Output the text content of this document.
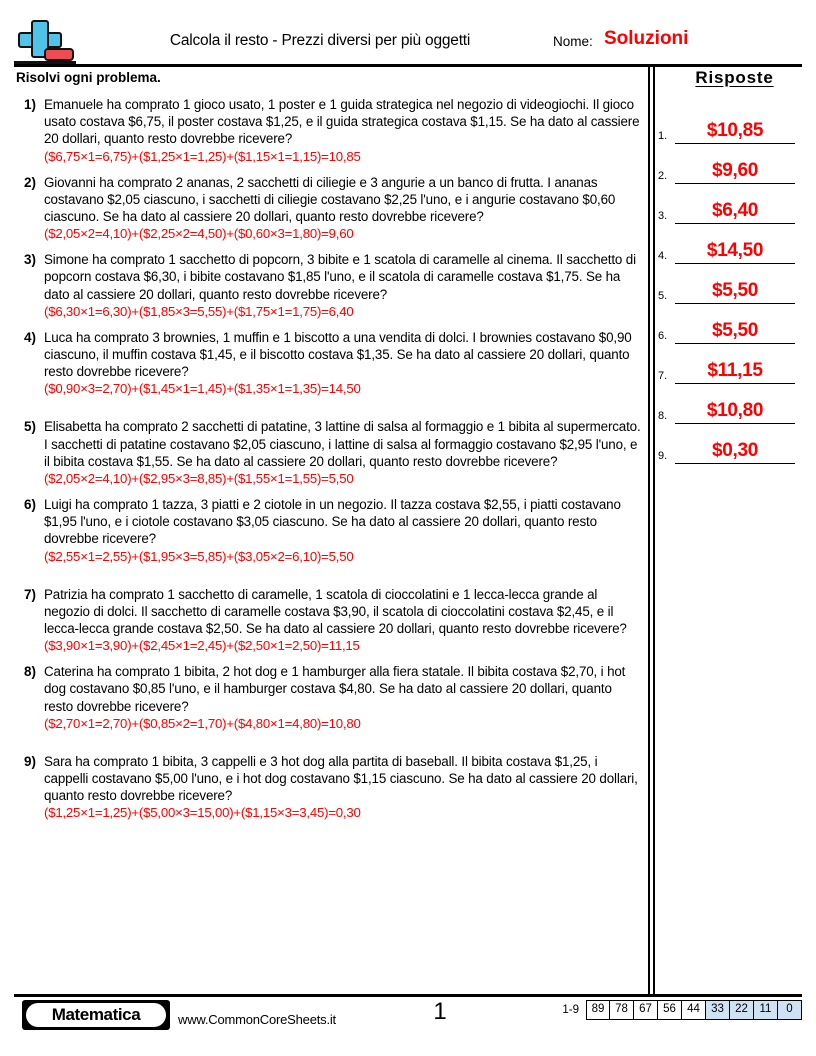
Calcola il resto - Prezzi diversi per più oggetti	Nome: Soluzioni
Risolvi ogni problema.
1) Emanuele ha comprato 1 gioco usato, 1 poster e 1 guida strategica nel negozio di videogiochi. Il gioco usato costava $6,75, il poster costava $1,25, e il guida strategica costava $1,15. Se ha dato al cassiere 20 dollari, quanto resto dovrebbe ricevere?
($6,75×1=6,75)+($1,25×1=1,25)+($1,15×1=1,15)=10,85
2) Giovanni ha comprato 2 ananas, 2 sacchetti di ciliegie e 3 angurie a un banco di frutta. I ananas costavano $2,05 ciascuno, i sacchetti di ciliegie costavano $2,25 l'uno, e i angurie costavano $0,60 ciascuno. Se ha dato al cassiere 20 dollari, quanto resto dovrebbe ricevere?
($2,05×2=4,10)+($2,25×2=4,50)+($0,60×3=1,80)=9,60
3) Simone ha comprato 1 sacchetto di popcorn, 3 bibite e 1 scatola di caramelle al cinema. Il sacchetto di popcorn costava $6,30, i bibite costavano $1,85 l'uno, e il scatola di caramelle costava $1,75. Se ha dato al cassiere 20 dollari, quanto resto dovrebbe ricevere?
($6,30×1=6,30)+($1,85×3=5,55)+($1,75×1=1,75)=6,40
4) Luca ha comprato 3 brownies, 1 muffin e 1 biscotto a una vendita di dolci. I brownies costavano $0,90 ciascuno, il muffin costava $1,45, e il biscotto costava $1,35. Se ha dato al cassiere 20 dollari, quanto resto dovrebbe ricevere?
($0,90×3=2,70)+($1,45×1=1,45)+($1,35×1=1,35)=14,50
5) Elisabetta ha comprato 2 sacchetti di patatine, 3 lattine di salsa al formaggio e 1 bibita al supermercato. I sacchetti di patatine costavano $2,05 ciascuno, i lattine di salsa al formaggio costavano $2,95 l'uno, e il bibita costava $1,55. Se ha dato al cassiere 20 dollari, quanto resto dovrebbe ricevere?
($2,05×2=4,10)+($2,95×3=8,85)+($1,55×1=1,55)=5,50
6) Luigi ha comprato 1 tazza, 3 piatti e 2 ciotole in un negozio. Il tazza costava $2,55, i piatti costavano $1,95 l'uno, e i ciotole costavano $3,05 ciascuno. Se ha dato al cassiere 20 dollari, quanto resto dovrebbe ricevere?
($2,55×1=2,55)+($1,95×3=5,85)+($3,05×2=6,10)=5,50
7) Patrizia ha comprato 1 sacchetto di caramelle, 1 scatola di cioccolatini e 1 lecca-lecca grande al negozio di dolci. Il sacchetto di caramelle costava $3,90, il scatola di cioccolatini costava $2,45, e il lecca-lecca grande costava $2,50. Se ha dato al cassiere 20 dollari, quanto resto dovrebbe ricevere?
($3,90×1=3,90)+($2,45×1=2,45)+($2,50×1=2,50)=11,15
8) Caterina ha comprato 1 bibita, 2 hot dog e 1 hamburger alla fiera statale. Il bibita costava $2,70, i hot dog costavano $0,85 l'uno, e il hamburger costava $4,80. Se ha dato al cassiere 20 dollari, quanto resto dovrebbe ricevere?
($2,70×1=2,70)+($0,85×2=1,70)+($4,80×1=4,80)=10,80
9) Sara ha comprato 1 bibita, 3 cappelli e 3 hot dog alla partita di baseball. Il bibita costava $1,25, i cappelli costavano $5,00 l'uno, e i hot dog costavano $1,15 ciascuno. Se ha dato al cassiere 20 dollari, quanto resto dovrebbe ricevere?
($1,25×1=1,25)+($5,00×3=15,00)+($1,15×3=3,45)=0,30
Risposte
1.	$10,85
2.	$9,60
3.	$6,40
4.	$14,50
5.	$5,50
6.	$5,50
7.	$11,15
8.	$10,80
9.	$0,30
Matematica	www.CommonCoreSheets.it	1	1-9	89 78 67 56 44 33 22	11	0
